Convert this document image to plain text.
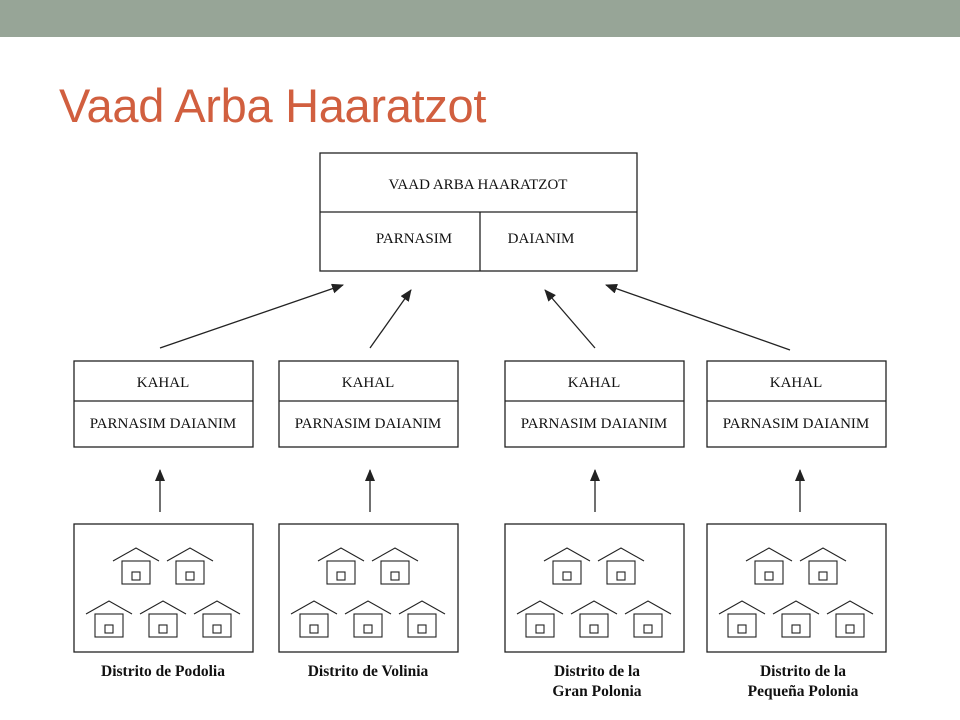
Vaad Arba Haaratzot
VAAD ARBA HAARATZOT
PARNASIM	DAIANIM
KAHAL
PARNASIM DAIANIM
KAHAL
PARNASIM DAIANIM
KAHAL
PARNASIM DAIANIM
KAHAL
PARNASIM DAIANIM
Distrito de Podolia	Distrito de Volinia	Distrito de la
Gran Polonia
Distrito de la
Pequeña Polonia
